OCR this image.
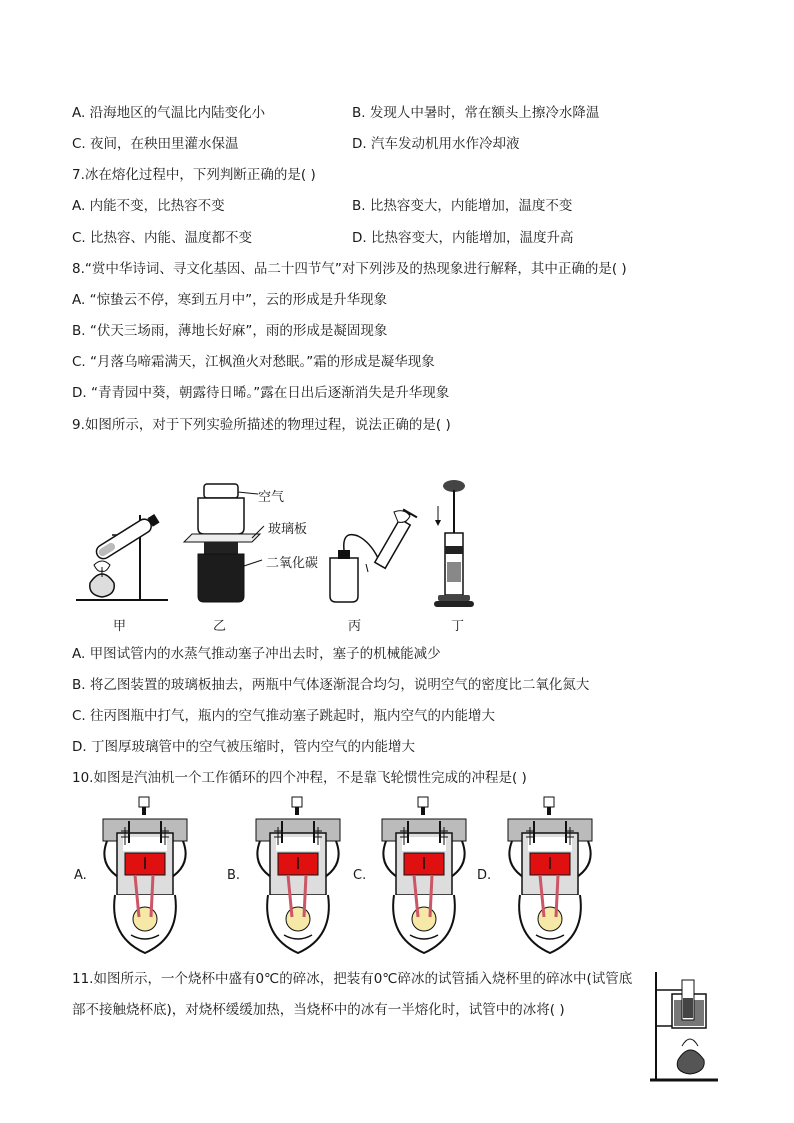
A. 沿海地区的气温比内陆变化小	B. 发现人中暑时，常在额头上擦冷水降温
C. 夜间，在秧田里灌水保温	D. 汽车发动机用水作冷却液
7.冰在熔化过程中，下列判断正确的是( )
A. 内能不变，比热容不变	B. 比热容变大，内能增加，温度不变
C. 比热容、内能、温度都不变	D. 比热容变大，内能增加，温度升高
8.“赏中华诗词、寻文化基因、品二十四节气”对下列涉及的热现象进行解释，其中正确的是( )
A. “惊蛰云不停，寒到五月中”，云的形成是升华现象
B. “伏天三场雨，薄地长好麻”，雨的形成是凝固现象
C. “月落乌啼霜满天，江枫渔火对愁眠。”霜的形成是凝华现象
D. “青青园中葵，朝露待日晞。”露在日出后逐渐消失是升华现象
9.如图所示，对于下列实验所描述的物理过程，说法正确的是( )
甲
空气
玻璃板
二氧化碳
乙	丙	丁
A. 甲图试管内的水蒸气推动塞子冲出去时，塞子的机械能减少
B. 将乙图装置的玻璃板抽去，两瓶中气体逐渐混合均匀，说明空气的密度比二氧化氮大
C. 往丙图瓶中打气，瓶内的空气推动塞子跳起时，瓶内空气的内能增大
D. 丁图厚玻璃管中的空气被压缩时，管内空气的内能增大
10.如图是汽油机一个工作循环的四个冲程，不是靠飞轮惯性完成的冲程是( )
A.	B.	C.	D.
11.如图所示，一个烧杯中盛有0℃的碎冰，把装有0℃碎冰的试管插入烧杯里的碎冰中(试管底
部不接触烧杯底)，对烧杯缓缓加热，当烧杯中的冰有一半熔化时，试管中的冰将( )
